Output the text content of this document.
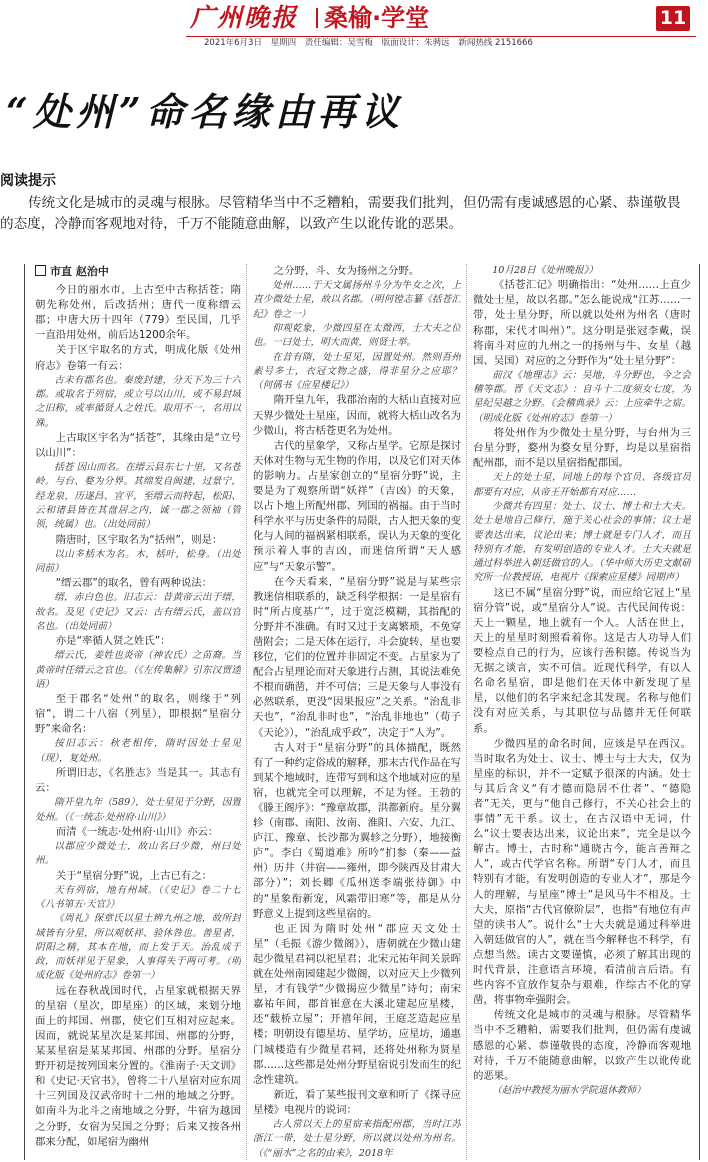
广州晚报 桑榆·学堂	11
2021年6月3日 星期四 责任编辑：吴雪梅 版面设计：朱骋远 新闻热线 2151666
“处州”命名缘由再议
阅读提示
传统文化是城市的灵魂与根脉。尽管精华当中不乏糟粕，需要我们批判，但仍需有虔诚感恩的心紧、恭谨敬畏的态度，冷静而客观地对待，千万不能随意曲解，以致产生以讹传讹的恶果。

市直 赵治中

今日的丽水市，上古至中古称括苍；隋朝先称处州，后改括州；唐代一度称缙云郡；中唐大历十四年（779）至民国，几乎一直沿用处州，前后达1200余年。

关于区宇取名的方式，明成化版《处州府志》卷第一有云：

古未有郡名也。秦废封建，分天下为三十六郡。或取名于列宿，或立号以山川，或不易封域之旧称，或率循贤人之姓氏。取用不一，名用以殊。

上古取区宇名为“括苍”，其缘由是“立号以山川”：

括苍 因山而名。在缙云县东七十里，又名苍岭。与台、婺为分界。其绵发自闽建，过景宁，经龙泉，历遂昌、宣平，至缙云而特起，松阳、云和诸县皆在其盘居之内，诚一郡之领袖（管领，统属）也。（出处同前）

隋唐时，区宇取名为“括州”，则是：

以山多栝木为名。木，栝叶，松身。（出处同前）

“缙云郡”的取名，曾有两种说法：

缙，赤白色也。旧志云：昔黄帝云出于缙，故名。及见《史记》又云：古有缙云氏，盖以官名也。（出处同前）

亦是“率循人贤之姓氏”：

缙云氏，姜姓也炎帝（神农氏）之苗裔。当黄帝时任缙云之官也。（《左传集解》引东汉贾逵语）

至于郡名“处州”的取名，则缘于“列宿”，谓二十八宿（列星），即根据“星宿分野”来命名：

按旧志云：秋老相传，隋时因处士星见（现），复处州。

所谓旧志，《名胜志》当是其一。其志有云：

隋开皇九年（589），处士星见于分野，因置处州。（《一统志·处州府·山川》）

而清《一统志·处州府·山川》亦云：

以郡应少微处士，故山名曰少微，州曰处州。

关于“星宿分野”说，上古已有之：

天有列宿，地有州域。（《史记》卷二十七《八书第五·天官》）

《周礼》保章氏以星土辨九州之地，故所封域皆有分星，所以观妖祥、验休咎也。善星者，阴阳之精，其本在地，而上发于天。治乱成于政，而妖祥见于星象，人事得失于两可考。（明成化版《处州府志》卷第一）

远在春秋战国时代，占星家就根据天界的星宿（星次，即星座）的区域，来划分地面上的邦国、州郡，使它们互相对应起来。因而，就说某星次是某邦国、州郡的分野，某某星宿是某某邦国、州郡的分野。星宿分野开初是按列国来分置的。《淮南子·天文训》和《史记·天官书》，曾将二十八星宿对应东周十三列国及汉武帝时十二州的地域之分野。如南斗为北斗之南地域之分野，牛宿为越国之分野，女宿为吴国之分野；后来又按各州郡来分配，如尾宿为幽州

之分野，斗、女为扬州之分野。

处州……于天文属扬州斗分为牛女之次，上直少微处士星，故以名郡。（明何镗志纂《括苍汇纪》卷之一）

仰观乾象，少微四星在太微西，士大夫之位也。一曰处士，明大而黄，则贤士举。

在昔有隋，处士星见，因置处州。然则吾州素号多士，衣冠文物之盛，得非星分之应耶？（何偁书《应星楼记》）

隋开皇九年，我郡治南的大栝山直接对应天界少微处士星座，因而，就将大栝山改名为少微山，将古栝苍更名为处州。

古代的星象学，又称占星学。它原是探讨天体对生物与无生物的作用，以及它们对天体的影响力。占星家创立的“星宿分野”说，主要是为了观察所谓“妖祥”（吉凶）的天象，以占卜地上所配州郡、列国的祸福。由于当时科学水平与历史条件的局限，古人把天象的变化与人间的福祸紧相联系，误认为天象的变化预示着人事的吉凶，而迷信所谓“天人感应”与“天象示警”。

在今天看来，“星宿分野”说是与某些宗教迷信相联系的，缺乏科学根据：一是星宿有时“所占度基广”，过于宽泛模糊，其指配的分野并不准确。有时又过于支离繁琐，不免穿凿附会；二是天体在运行，斗会旋转，星也要移位，它们的位置并非固定不变。占星家为了配合占星理论而对天象进行占测，其说法难免不根而确凿，并不可信；三是天象与人事没有必然联系，更没“因果报应”之关系。“治乱非天也”，“治乱非时也”，“治乱非地也”（荀子《天论》），“治乱成乎政”，决定于“人为”。

古人对于“星宿分野”的具体描配，既然有了一种约定俗成的解释，那末古代作品在写到某个地域时，连带写到和这个地域对应的星宿，也就完全可以理解，不足为怪。王勃的《滕王阁序》：“豫章故郡，洪都新府。星分翼轸（南郡、南阳、汝南、淮阳、六安、九江、庐江、豫章、长沙都为翼轸之分野），地接衡庐”。李白《蜀道难》所吟“扪参（秦——益州）历井（井宿——雍州，即今陕西及甘肃大部分）”；刘长卿《瓜州送李端张待御》中的“星象衔新宠，风霜带旧寒”等，都是从分野意义上提到这些星宿的。

也正因为隋时处州“郡应天文处士星”（毛振《游少微阁》），唐朝就在少微山建起少微星君祠以祀星君；北宋元祐年间关景晖就在处州南园建起少微阁，以对应天上少微列星，才有钱学“少微揭应少微星”诗句；南宋嘉祐年间，郡首崔意在大溪北建起应星楼，还“载桥立屋”；开禧年间，王庭芝造起应星楼；明朝设有德星坊、星学坊，应星坊，通惠门城楼造有少微星君祠，还将处州称为贤星郡……这些都是处州分野星宿说引发而生的纪念性建筑。

新近，看了某些报刊文章和听了《探寻应星楼》电视片的说词：

古人常以天上的星宿来指配州郡，当时江苏浙江一带，处士星分野，所以就以处州为州名。（《“丽水”之名的由来》，2018年

10月28日《处州晚报》）

《括苍汇记》明确指出：“处州……上直少微处士星，故以名郡。”怎么能说成“江苏……一带，处士星分野，所以就以处州为州名（唐时称郡，宋代才叫州）”。这分明是张冠李戴，误将南斗对应的九州之一的扬州与牛、女星（越国、吴国）对应的之分野作为“处士星分野”：

前汉《地理志》云：吴地，斗分野也，今之会稽等郡。晋《天文志》：自斗十二度须女七度，为星纪吴越之分野。《会稽典录》云：上应牵牛之宿。（明成化版《处州府志》卷第一）

将处州作为少微处士星分野，与台州为三台星分野，婺州为婺女星分野，均是以星宿指配州郡，而不是以星宿指配郡国。

天上的处士星，同地上的每个官员、各级官员都要有对应，从帝王开始都有对应……

少微共有四星：处士、议士、博士和士大夫。处士是地自己修行，施于关心社会的事情；议士是要表达出来，议论出来；博士就是专门人才，而且特别有才能，有发明创造的专业人才。士大夫就是通过科举进入朝廷做官的人。（华中师大历史文献研究所一位教授语，电视片《探索应星楼》同期声）

这已不属“星宿分野”说，而应给它冠上“星宿分管”说，或“星宿分人”说。古代民间传说：天上一颗星，地上就有一个人。人活在世上，天上的星星时刻照看着你。这是古人功导人们要检点自己的行为，应该行善积德。传说当为无据之谈言，实不可信。近现代科学，有以人名命名星宿，即是他们在天体中新发现了星星，以他们的名字来纪念其发现。名称与他们没有对应关系，与其职位与品德并无任何联系。

少微四星的命名时间，应该是早在西汉。当时取名为处士、议士、博士与士大夫，仅为星座的标识，并不一定赋予很深的内涵。处士与其后含义“有才德而隐居不仕者”、“德隐者”无关，更与“他自己修行，不关心社会上的事情”无干系。议士，在古汉语中无词，什么“议士要表达出来，议论出来”，完全是以今解古。博士，古时称“通晓古今，能言善辩之人”，或古代学官名称。所谓“专门人才，而且特别有才能，有发明创造的专业人才”，那是今人的理解，与星座“博士”是风马牛不相及。士大夫，原指“古代官僚阶层”，也指“有地位有声望的读书人”。说什么“士大夫就是通过科举进入朝廷做官的人”，就在当今解释也不科学，有点想当然。读古文要谨慎，必须了解其出现的时代背景，注意语言环境，看清前言后语。有些内容不宜放作复杂与艰难，作综古不化的穿凿，将事物牵强附会。

传统文化是城市的灵魂与根脉。尽管精华当中不乏糟粕，需要我们批判，但仍需有虔诚感恩的心紧、恭谨敬畏的态度，冷静而客观地对待，千万不能随意曲解，以致产生以讹传讹的恶果。

（赵治中教授为丽水学院退休教师）
